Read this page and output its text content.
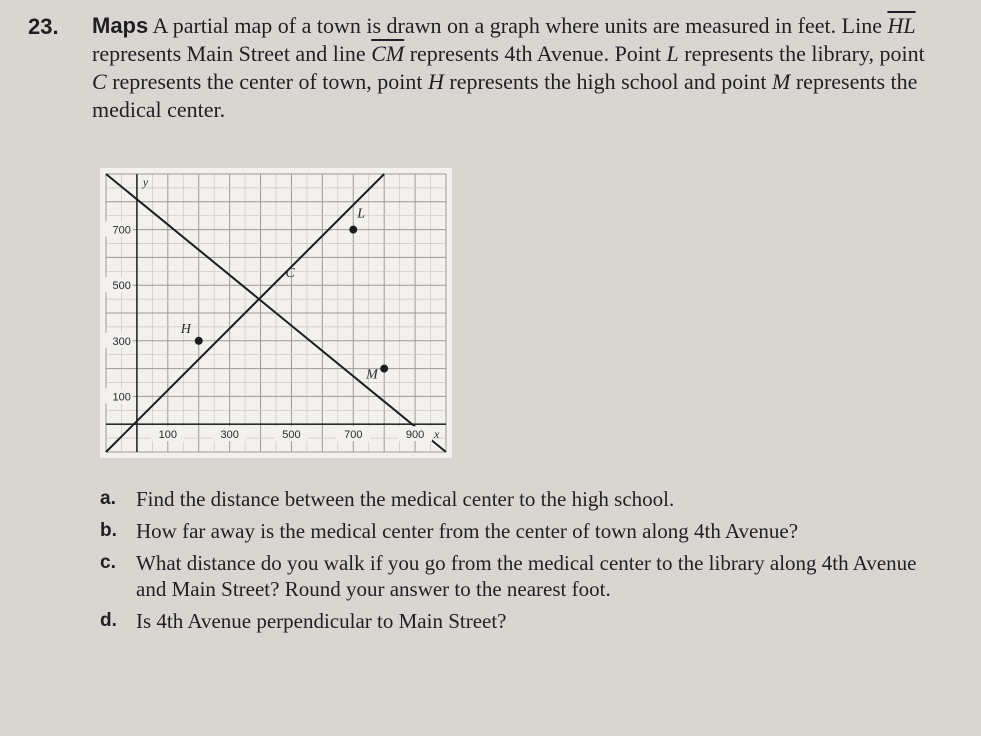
23. Maps A partial map of a town is drawn on a graph where units are measured in feet. Line $\overline{HL}$ represents Main Street and line $\overline{CM}$ represents 4th Avenue. Point L represents the library, point C represents the center of town, point H represents the high school and point M represents the medical center.
100	300	500	700	900
100
300
500
700
x
y
H
L
C
M
a. Find the distance between the medical center to the high school.
b. How far away is the medical center from the center of town along 4th Avenue?
c. What distance do you walk if you go from the medical center to the library along 4th Avenue and Main Street? Round your answer to the nearest foot.
d. Is 4th Avenue perpendicular to Main Street?
